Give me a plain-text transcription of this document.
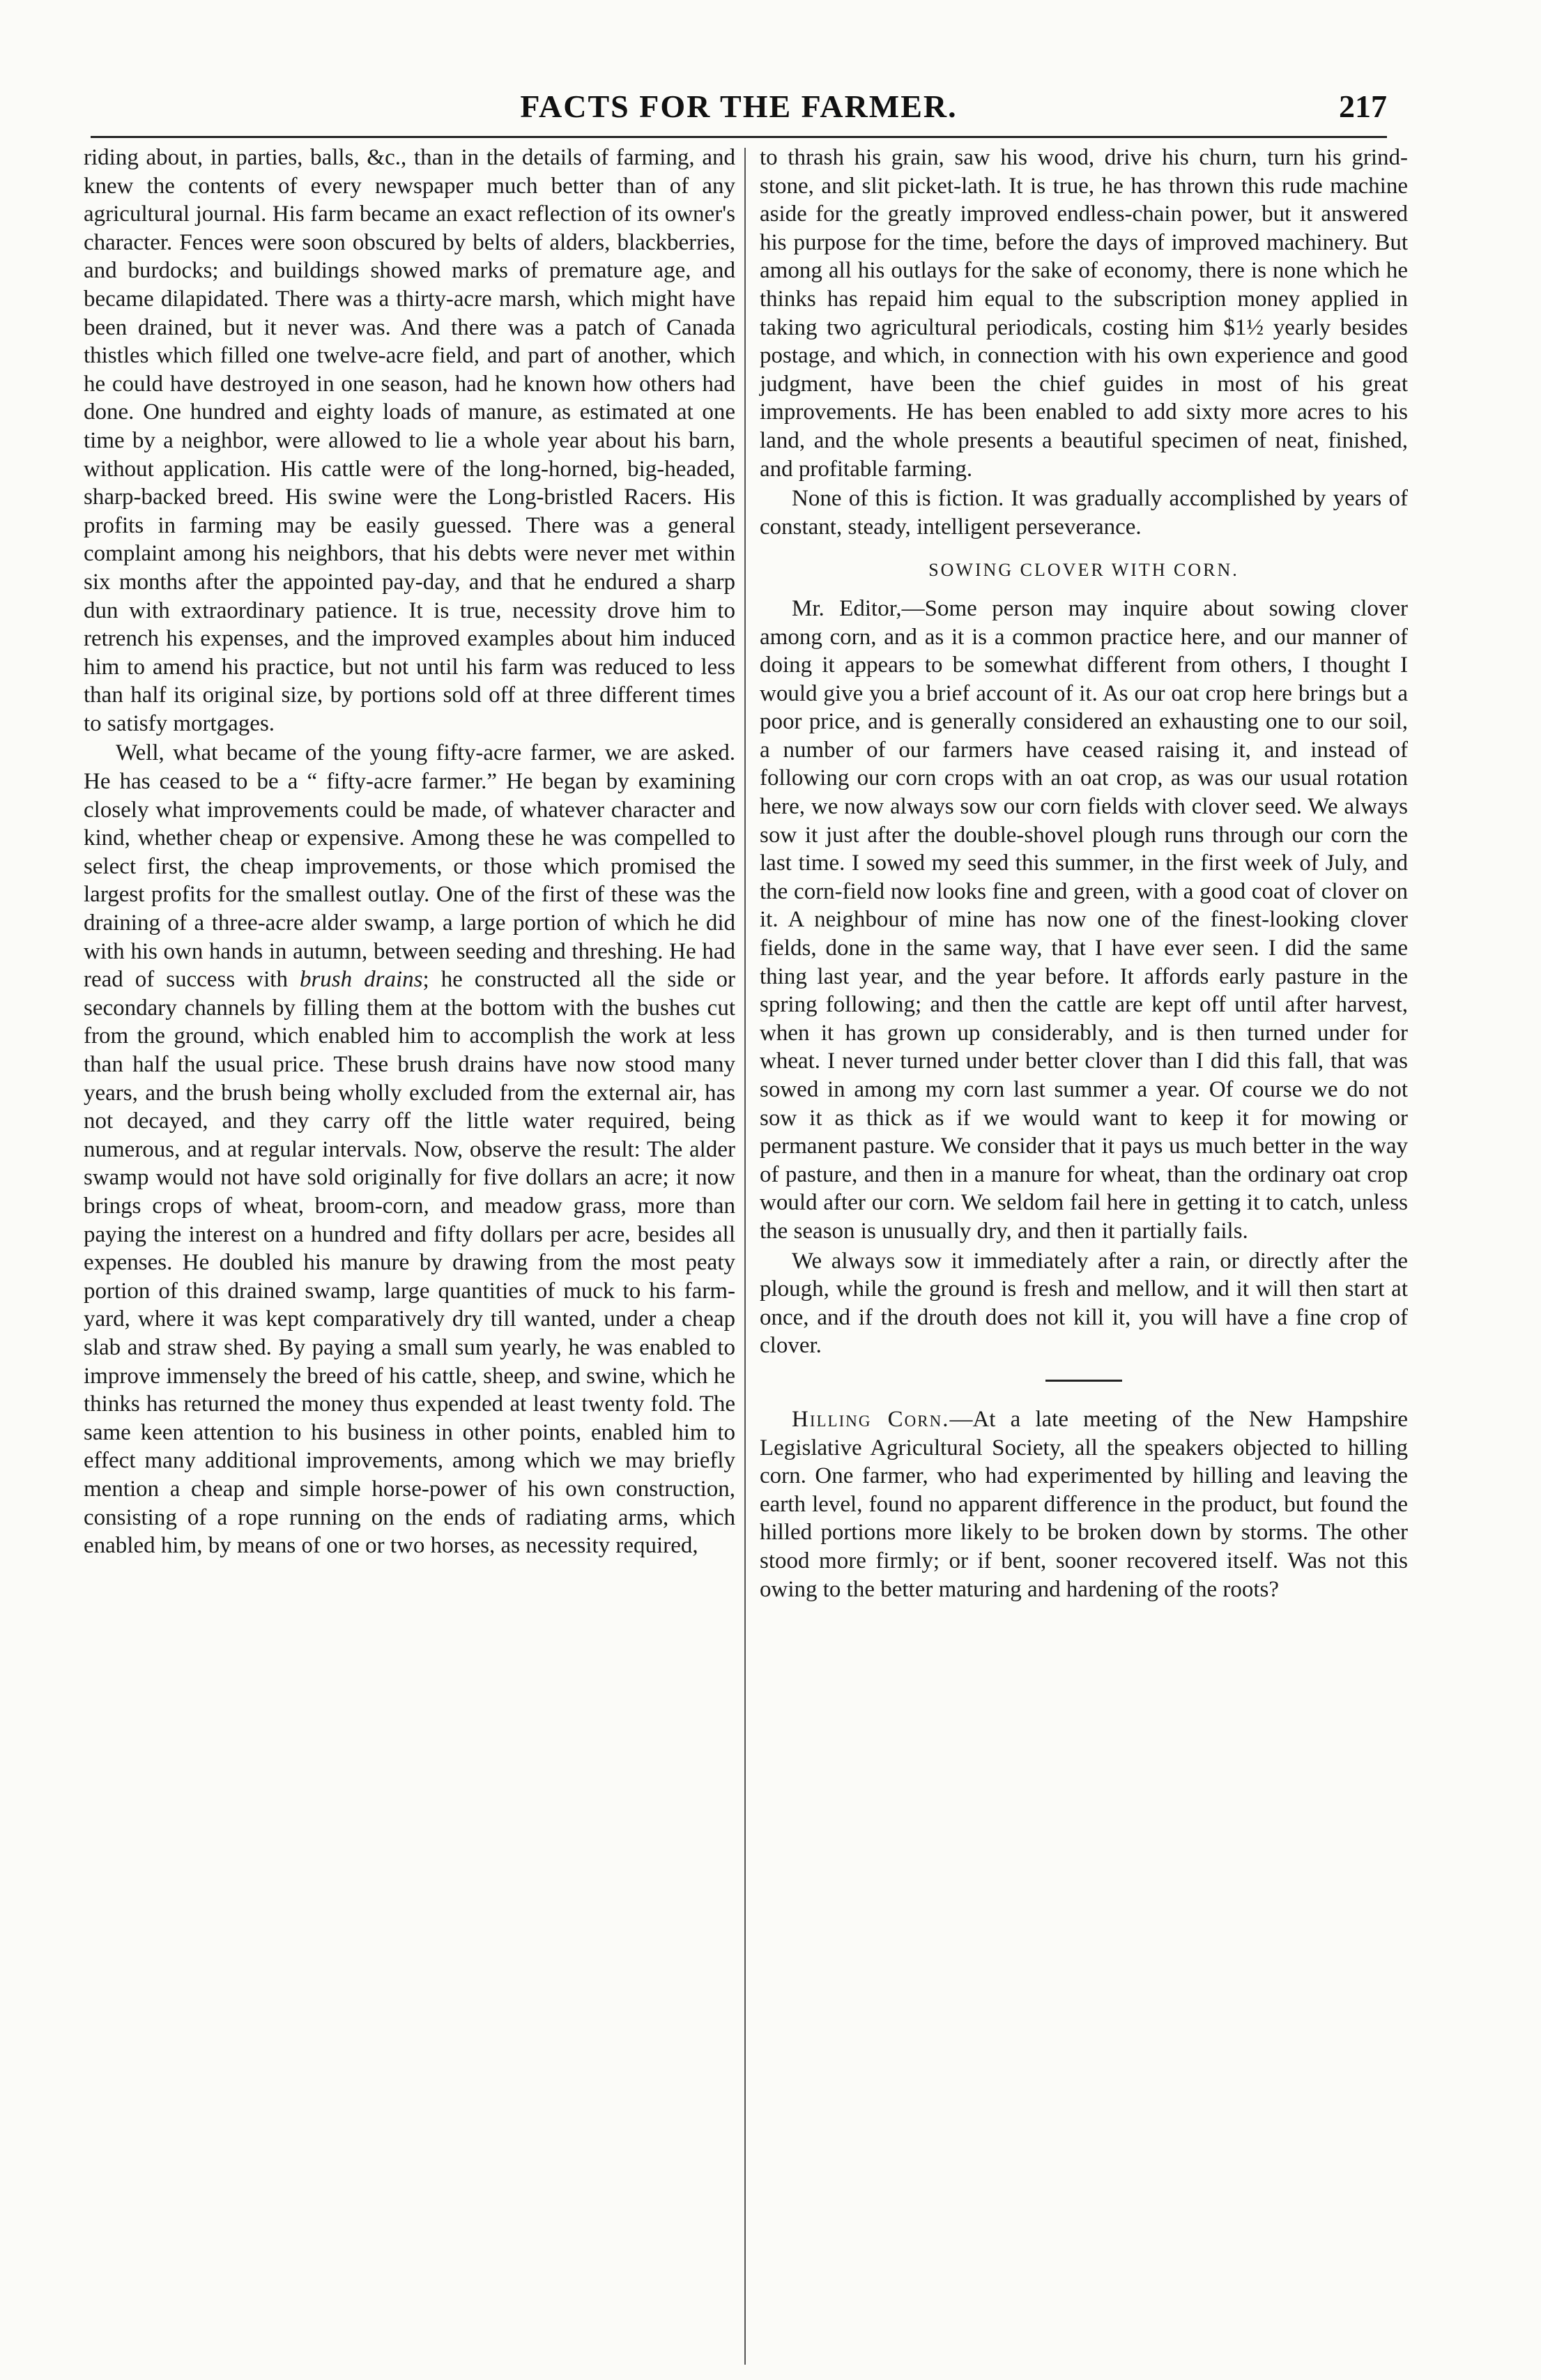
FACTS FOR THE FARMER.	217

riding about, in parties, balls, &c., than in the details of farming, and knew the contents of every newspaper much better than of any agricultural journal. His farm became an exact reflection of its owner's character. Fences were soon obscured by belts of alders, blackberries, and burdocks; and buildings showed marks of premature age, and became dilapidated. There was a thirty-acre marsh, which might have been drained, but it never was. And there was a patch of Canada thistles which filled one twelve-acre field, and part of another, which he could have destroyed in one season, had he known how others had done. One hundred and eighty loads of manure, as estimated at one time by a neighbor, were allowed to lie a whole year about his barn, without application. His cattle were of the long-horned, big-headed, sharp-backed breed. His swine were the Long-bristled Racers. His profits in farming may be easily guessed. There was a general complaint among his neighbors, that his debts were never met within six months after the appointed pay-day, and that he endured a sharp dun with extraordinary patience. It is true, necessity drove him to retrench his expenses, and the improved examples about him induced him to amend his practice, but not until his farm was reduced to less than half its original size, by portions sold off at three different times to satisfy mortgages.

Well, what became of the young fifty-acre farmer, we are asked. He has ceased to be a “ fifty-acre farmer.” He began by examining closely what improvements could be made, of whatever character and kind, whether cheap or expensive. Among these he was compelled to select first, the cheap improvements, or those which promised the largest profits for the smallest outlay. One of the first of these was the draining of a three-acre alder swamp, a large portion of which he did with his own hands in autumn, between seeding and threshing. He had read of success with brush drains; he constructed all the side or secondary channels by filling them at the bottom with the bushes cut from the ground, which enabled him to accomplish the work at less than half the usual price. These brush drains have now stood many years, and the brush being wholly excluded from the external air, has not decayed, and they carry off the little water required, being numerous, and at regular intervals. Now, observe the result: The alder swamp would not have sold originally for five dollars an acre; it now brings crops of wheat, broom-corn, and meadow grass, more than paying the interest on a hundred and fifty dollars per acre, besides all expenses. He doubled his manure by drawing from the most peaty portion of this drained swamp, large quantities of muck to his farm-yard, where it was kept comparatively dry till wanted, under a cheap slab and straw shed. By paying a small sum yearly, he was enabled to improve immensely the breed of his cattle, sheep, and swine, which he thinks has returned the money thus expended at least twenty fold. The same keen attention to his business in other points, enabled him to effect many additional improvements, among which we may briefly mention a cheap and simple horse-power of his own construction, consisting of a rope running on the ends of radiating arms, which enabled him, by means of one or two horses, as necessity required,

to thrash his grain, saw his wood, drive his churn, turn his grind-stone, and slit picket-lath. It is true, he has thrown this rude machine aside for the greatly improved endless-chain power, but it answered his purpose for the time, before the days of improved machinery. But among all his outlays for the sake of economy, there is none which he thinks has repaid him equal to the subscription money applied in taking two agricultural periodicals, costing him $1½ yearly besides postage, and which, in connection with his own experience and good judgment, have been the chief guides in most of his great improvements. He has been enabled to add sixty more acres to his land, and the whole presents a beautiful specimen of neat, finished, and profitable farming.

None of this is fiction. It was gradually accomplished by years of constant, steady, intelligent perseverance.

SOWING CLOVER WITH CORN.

Mr. Editor,—Some person may inquire about sowing clover among corn, and as it is a common practice here, and our manner of doing it appears to be somewhat different from others, I thought I would give you a brief account of it. As our oat crop here brings but a poor price, and is generally considered an exhausting one to our soil, a number of our farmers have ceased raising it, and instead of following our corn crops with an oat crop, as was our usual rotation here, we now always sow our corn fields with clover seed. We always sow it just after the double-shovel plough runs through our corn the last time. I sowed my seed this summer, in the first week of July, and the corn-field now looks fine and green, with a good coat of clover on it. A neighbour of mine has now one of the finest-looking clover fields, done in the same way, that I have ever seen. I did the same thing last year, and the year before. It affords early pasture in the spring following; and then the cattle are kept off until after harvest, when it has grown up considerably, and is then turned under for wheat. I never turned under better clover than I did this fall, that was sowed in among my corn last summer a year. Of course we do not sow it as thick as if we would want to keep it for mowing or permanent pasture. We consider that it pays us much better in the way of pasture, and then in a manure for wheat, than the ordinary oat crop would after our corn. We seldom fail here in getting it to catch, unless the season is unusually dry, and then it partially fails.

We always sow it immediately after a rain, or directly after the plough, while the ground is fresh and mellow, and it will then start at once, and if the drouth does not kill it, you will have a fine crop of clover.

Hilling Corn.—At a late meeting of the New Hampshire Legislative Agricultural Society, all the speakers objected to hilling corn. One farmer, who had experimented by hilling and leaving the earth level, found no apparent difference in the product, but found the hilled portions more likely to be broken down by storms. The other stood more firmly; or if bent, sooner recovered itself. Was not this owing to the better maturing and hardening of the roots?
